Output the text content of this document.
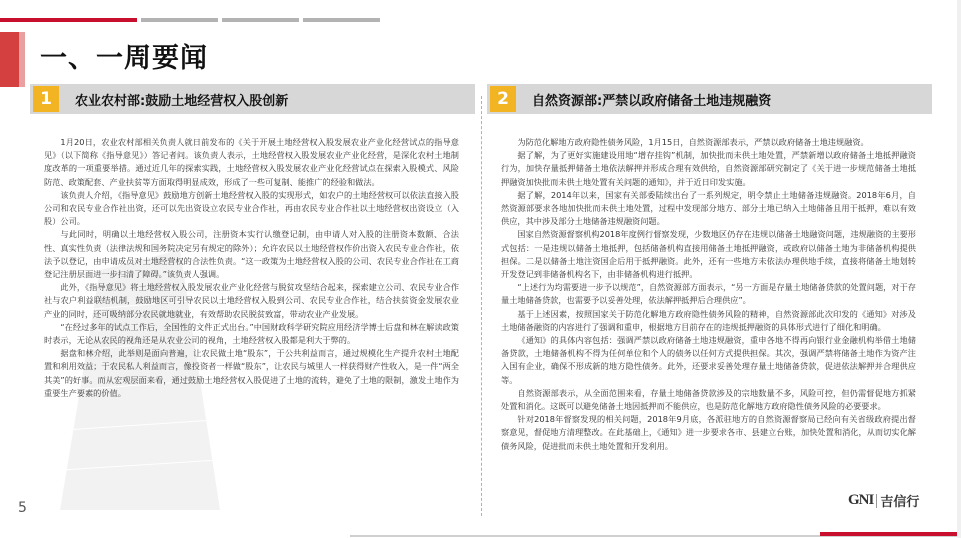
一、一周要闻
1	农业农村部:鼓励土地经营权入股创新

1月20日，农业农村部相关负责人就日前发布的《关于开展土地经营权入股发展农业产业化经营试点的指导意见》（以下简称《指导意见》）答记者问。该负责人表示，土地经营权入股发展农业产业化经营，是深化农村土地制度改革的一项重要举措。通过近几年的探索实践，土地经营权入股发展农业产业化经营试点在探索入股模式、风险防范、政策配套、产业扶贫等方面取得明显成效，形成了一些可复制、能推广的经验和做法。

该负责人介绍，《指导意见》鼓励地方创新土地经营权入股的实现形式，如农户的土地经营权可以依法直接入股公司和农民专业合作社出资，还可以先出资设立农民专业合作社，再由农民专业合作社以土地经营权出资设立（入股）公司。

与此同时，明确以土地经营权入股公司，注册资本实行认缴登记制，由申请人对入股的注册资本数额、合法性、真实性负责（法律法规和国务院决定另有规定的除外）；允许农民以土地经营权作价出资入农民专业合作社，依法予以登记，由申请成员对土地经营权的合法性负责。“这一政策为土地经营权入股的公司、农民专业合作社在工商登记注册层面进一步扫清了障碍。”该负责人强调。

此外，《指导意见》将土地经营权入股发展农业产业化经营与脱贫攻坚结合起来，探索建立公司、农民专业合作社与农户利益联结机制，鼓励地区可引导农民以土地经营权入股到公司、农民专业合作社，结合扶贫资金发展农业产业的同时，还可吸纳部分农民就地就业，有效帮助农民脱贫致富，带动农业产业发展。

“在经过多年的试点工作后，全国性的文件正式出台。”中国财政科学研究院应用经济学博士后盘和林在解读政策时表示，无论从农民的视角还是从农业公司的视角，土地经营权入股都是利大于弊的。

据盘和林介绍，此举则是面向普遍，让农民做土地“股东”，于公共利益而言，通过规模化生产提升农村土地配置和利用效益；于农民私人利益而言，像投资者一样做“股东”，让农民与城里人一样获得财产性收入，是一件“两全其美”的好事。而从宏观层面来看，通过鼓励土地经营权入股促进了土地的流转，避免了土地的限制，激发土地作为重要生产要素的价值。

2	自然资源部:严禁以政府储备土地违规融资

为防范化解地方政府隐性债务风险，1月15日，自然资源部表示，严禁以政府储备土地违规融资。

据了解，为了更好实施建设用地“增存挂钩”机制，加快批而未供土地处置，严禁新增以政府储备土地抵押融资行为，加快存量抵押储备土地依法解押并形成合理有效供给，自然资源部研究制定了《关于进一步规范储备土地抵押融资加快批而未供土地处置有关问题的通知》，并于近日印发实施。

据了解，2014年以来，国家有关部委陆续出台了一系列规定，明令禁止土地储备违规融资。2018年6月，自然资源部要求各地加快批而未供土地处置，过程中发现部分地方、部分土地已纳入土地储备且用于抵押，难以有效供应，其中涉及部分土地储备违规融资问题。

国家自然资源督察机构2018年度例行督察发现，少数地区仍存在违规以储备土地融资问题，违规融资的主要形式包括：一是违规以储备土地抵押，包括储备机构直接用储备土地抵押融资，或政府以储备土地为非储备机构提供担保。二是以储备土地注资国企后用于抵押融资。此外，还有一些地方未依法办理供地手续，直接将储备土地划转开发登记到非储备机构名下，由非储备机构进行抵押。

“上述行为均需要进一步予以规范”，自然资源部方面表示，“另一方面是存量土地储备贷款的处置问题，对于存量土地储备贷款，也需要予以妥善处理，依法解押抵押后合理供应”。

基于上述因素，按照国家关于防范化解地方政府隐性债务风险的精神，自然资源部此次印发的《通知》对涉及土地储备融资的内容进行了强调和重申，根据地方目前存在的违规抵押融资的具体形式进行了细化和明确。

《通知》的具体内容包括：强调严禁以政府储备土地违规融资，重申各地不得再向银行业金融机构举借土地储备贷款，土地储备机构不得为任何单位和个人的债务以任何方式提供担保。其次，强调严禁将储备土地作为资产注入国有企业，确保不形成新的地方隐性债务。此外，还要求妥善处理存量土地储备贷款，促进依法解押并合理供应等。

自然资源部表示，从全面范围来看，存量土地储备贷款涉及的宗地数量不多，风险可控，但仍需督促地方抓紧处置和消化。这既可以避免储备土地因抵押而不能供应，也是防范化解地方政府隐性债务风险的必要要求。

针对2018年督察发现的相关问题，2018年9月底，各派驻地方的自然资源督察局已经向有关省级政府提出督察意见，督促地方清理整改。在此基础上，《通知》进一步要求各市、县建立台账，加快处置和消化，从而切实化解债务风险，促进批而未供土地处置和开发利用。

5	GNI 吉信行
